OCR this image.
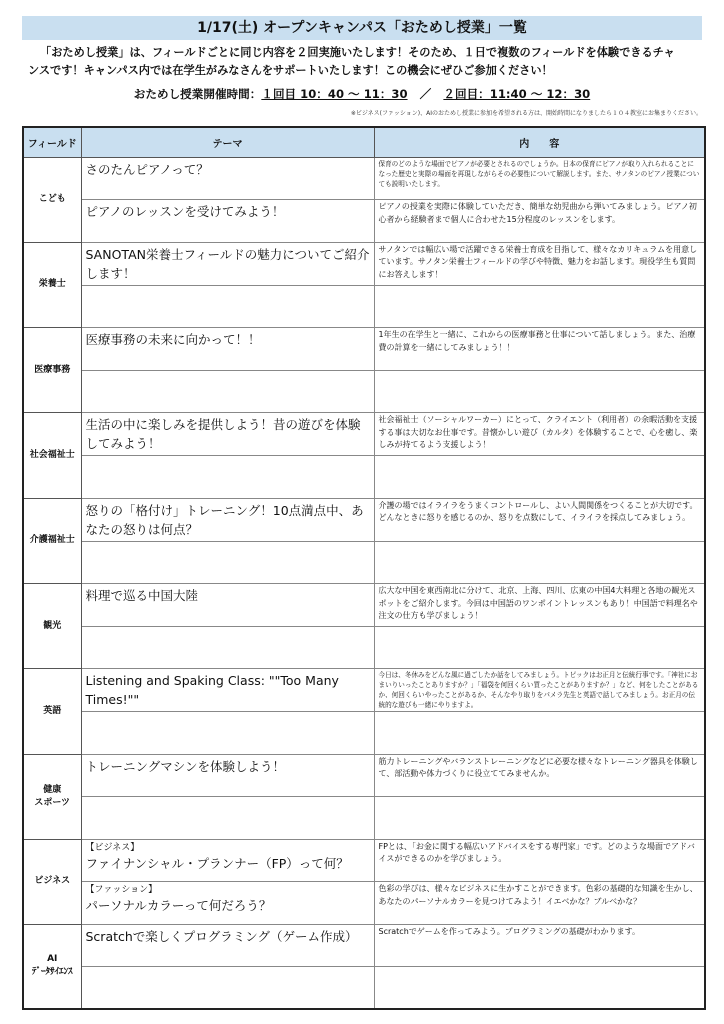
1/17(土) オープンキャンパス「おためし授業」一覧
「おためし授業」は、フィールドごとに同じ内容を２回実施いたします！そのため、１日で複数のフィールドを体験できるチャ
ンスです！キャンパス内では在学生がみなさんをサポートいたします！この機会にぜひご参加ください！
おためし授業開催時間：１回目 10：40 ～ 11：30 ／ ２回目：11:40 ～ 12：30
※ビジネス(ファッション)、AIのおためし授業に参加を希望される方は、開始時間になりましたら１０４教室にお集まりください。
フィールド	テーマ	内　　容

こども	さのたんピアノって？	保育のどのような場面でピアノが必要とされるのでしょうか。日本の保育にピアノが取り入れられることになった歴史と実際の場面を再現しながらその必要性について解説します。また、サノタンのピアノ授業についても説明いたします。
	ピアノのレッスンを受けてみよう！	ピアノの授業を実際に体験していただき、簡単な幼児曲から弾いてみましょう。ピアノ初心者から経験者まで個人に合わせた15分程度のレッスンをします。

栄養士	SANOTAN栄養士フィールドの魅力についてご紹介します！	サノタンでは幅広い場で活躍できる栄養士育成を目指して、様々なカリキュラムを用意しています。サノタン栄養士フィールドの学びや特徴、魅力をお話します。現役学生も質問にお答えします！

医療事務	医療事務の未来に向かって！！	1年生の在学生と一緒に、これからの医療事務と仕事について話しましょう。また、治療費の計算を一緒にしてみましょう！！

社会福祉士	生活の中に楽しみを提供しよう！昔の遊びを体験してみよう！	社会福祉士（ソーシャルワーカー）にとって、クライエント（利用者）の余暇活動を支援する事は大切なお仕事です。昔懐かしい遊び（カルタ）を体験することで、心を癒し、楽しみが持てるよう支援しよう！

介護福祉士	怒りの「格付け」トレーニング！10点満点中、あなたの怒りは何点？	介護の場ではイライラをうまくコントロールし、よい人間関係をつくることが大切です。どんなときに怒りを感じるのか、怒りを点数にして、イライラを採点してみましょう。

観光	料理で巡る中国大陸	広大な中国を東西南北に分けて、北京、上海、四川、広東の中国4大料理と各地の観光スポットをご紹介します。今回は中国語のワンポイントレッスンもあり！中国語で料理名や注文の仕方も学びましょう！

英語	Listening and Spaking Class: ""Too Many Times!""	今日は、冬休みをどんな風に過ごしたか話をしてみましょう。トピックはお正月と伝統行事です。「神社におまいりいったことありますか？」「福袋を何回くらい買ったことがありますか？」など、何をしたことがあるか、何回くらいやったことがあるか、そんなやり取りをパメラ先生と英語で話してみましょう。お正月の伝統的な遊びも一緒にやりますよ。

健康
スポーツ	トレーニングマシンを体験しよう！	筋力トレーニングやバランストレーニングなどに必要な様々なトレーニング器具を体験して、部活動や体力づくりに役立ててみませんか。

ビジネス	【ビジネス】
ファイナンシャル・プランナー（FP）って何？	FPとは、「お金に関する幅広いアドバイスをする専門家」です。どのような場面でアドバイスができるのかを学びましょう。

	【ファッション】
パーソナルカラーって何だろう？	色彩の学びは、様々なビジネスに生かすことができます。色彩の基礎的な知識を生かし、あなたのパーソナルカラーを見つけてみよう！イエベかな？ブルベかな？

AI
ﾃﾞｰﾀｻｲｴﾝｽ	Scratchで楽しくプログラミング（ゲーム作成）	Scratchでゲームを作ってみよう。プログラミングの基礎がわかります。
